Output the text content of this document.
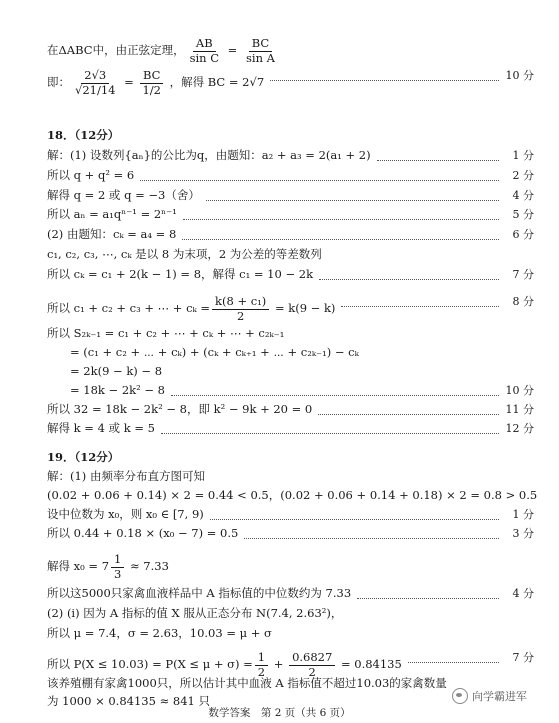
在ΔABC中，由正弦定理， $\frac{AB}{\text{sin C}} = \frac{BC}{\text{sin A}}$
即： $\frac{2√3}{√21/14} = \frac{BC}{1/2}$ ，解得 BC = 2√7	10 分
18．（12分）
解：(1) 设数列{aₙ}的公比为q，由题知：a₂ + a₃ = 2(a₁ + 2)	1 分
所以 q + q² = 6	2 分
解得 q = 2 或 q = −3（舍）	4 分
所以 aₙ = a₁qⁿ⁻¹ = 2ⁿ⁻¹	5 分
(2) 由题知：cₖ = a₄ = 8	6 分
c₁, c₂, c₃, ⋯, cₖ 是以 8 为末项，2 为公差的等差数列
所以 cₖ = c₁ + 2(k − 1) = 8，解得 c₁ = 10 − 2k	7 分
所以 c₁ + c₂ + c₃ + ⋯ + $c_k = \frac{\text{k(8 + c₁)}}{2} = k(9 - k)$	8 分
所以 S₂ₖ₋₁ = c₁ + c₂ + ⋯ + cₖ + ⋯ + c₂ₖ₋₁
　　= (c₁ + c₂ + ⋯ + cₖ) + (cₖ + cₖ₊₁ + ⋯ + c₂ₖ₋₁) − cₖ
　　= 2k(9 − k) − 8
　　= 18k − 2k² − 8	10 分
所以 32 = 18k − 2k² − 8，即 k² − 9k + 20 = 0	11 分
解得 k = 4 或 k = 5	12 分
19．（12分）
解：(1) 由频率分布直方图可知
(0.02 + 0.06 + 0.14) × 2 = 0.44 < 0.5，(0.02 + 0.06 + 0.14 + 0.18) × 2 = 0.8 > 0.5
设中位数为 x₀，则 x₀ ∈ [7, 9)	1 分
所以 0.44 + 0.18 × (x₀ − 7) = 0.5	3 分
解得 $x_0 = 7 \frac{1}{3} \approx 7.33$
所以这5000只家禽血液样品中 A 指标值的中位数约为 7.33	4 分
(2) (i) 因为 A 指标的值 X 服从正态分布 N(7.4, 2.63²)，
所以 μ = 7.4，σ = 2.63，10.03 = μ + σ
所以 $P(X \le 10.03) = P(X \le \mu + \sigma) = \frac{1}{2} + \frac{0.6827}{2} = 0.84135$	7 分
该养殖棚有家禽1000只，所以估计其中血液 A 指标值不超过10.03的家禽数量
为 1000 × 0.84135 ≈ 841 只	向学霸进军
数学答案　第 2 页（共 6 页）
